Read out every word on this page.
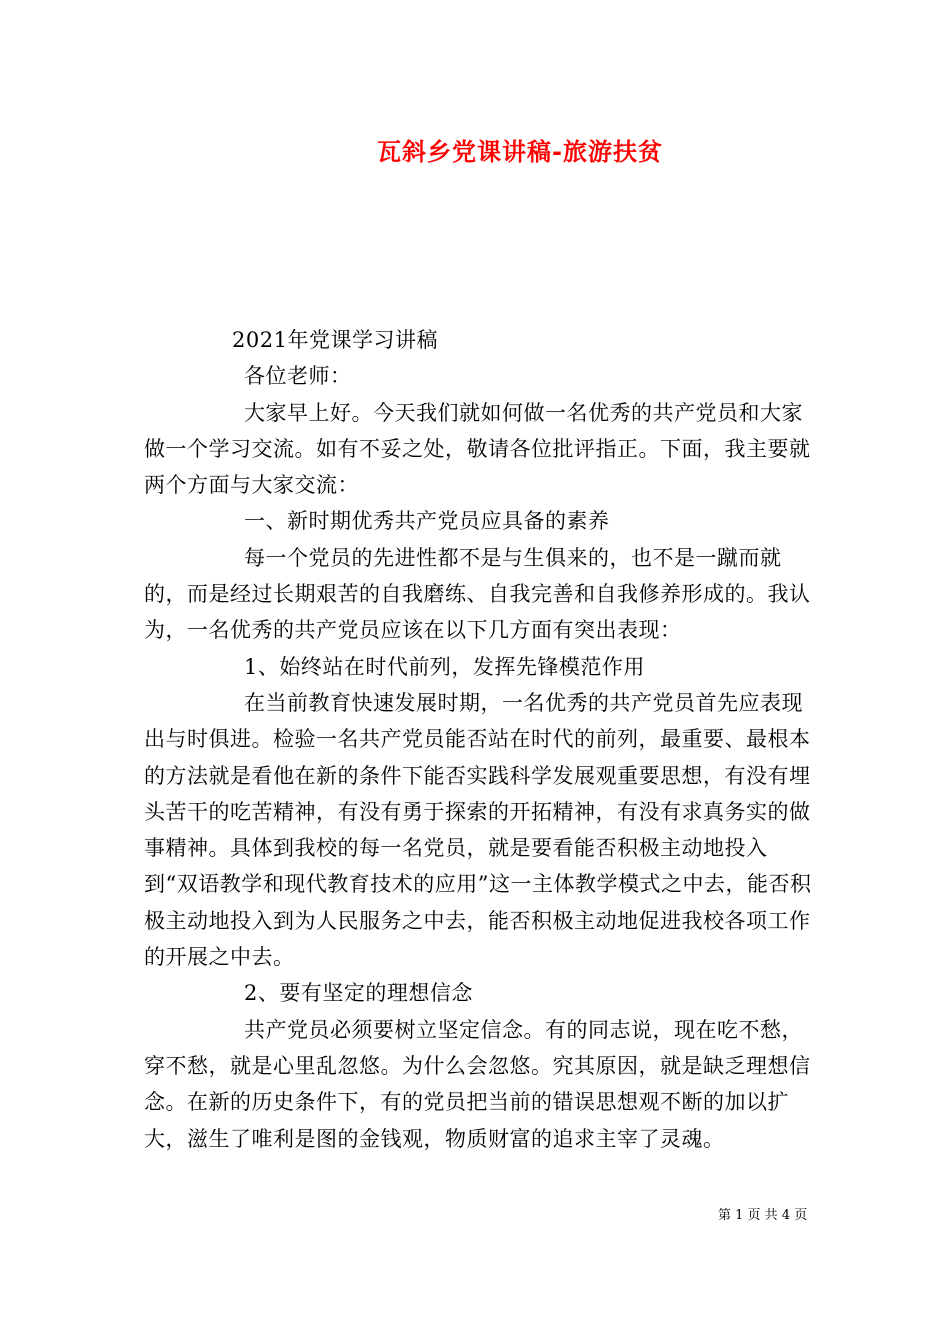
瓦斜乡党课讲稿-旅游扶贫
2021年党课学习讲稿
各位老师：
大家早上好。今天我们就如何做一名优秀的共产党员和大家做一个学习交流。如有不妥之处，敬请各位批评指正。下面，我主要就两个方面与大家交流：
一、新时期优秀共产党员应具备的素养
每一个党员的先进性都不是与生俱来的，也不是一蹴而就的，而是经过长期艰苦的自我磨练、自我完善和自我修养形成的。我认为，一名优秀的共产党员应该在以下几方面有突出表现：
1、始终站在时代前列，发挥先锋模范作用
在当前教育快速发展时期，一名优秀的共产党员首先应表现出与时俱进。检验一名共产党员能否站在时代的前列，最重要、最根本的方法就是看他在新的条件下能否实践科学发展观重要思想，有没有埋头苦干的吃苦精神，有没有勇于探索的开拓精神，有没有求真务实的做事精神。具体到我校的每一名党员，就是要看能否积极主动地投入到“双语教学和现代教育技术的应用”这一主体教学模式之中去，能否积极主动地投入到为人民服务之中去，能否积极主动地促进我校各项工作的开展之中去。
2、要有坚定的理想信念
共产党员必须要树立坚定信念。有的同志说，现在吃不愁，穿不愁，就是心里乱忽悠。为什么会忽悠。究其原因，就是缺乏理想信念。在新的历史条件下，有的党员把当前的错误思想观不断的加以扩大，滋生了唯利是图的金钱观，物质财富的追求主宰了灵魂。
第 1 页 共 4 页
